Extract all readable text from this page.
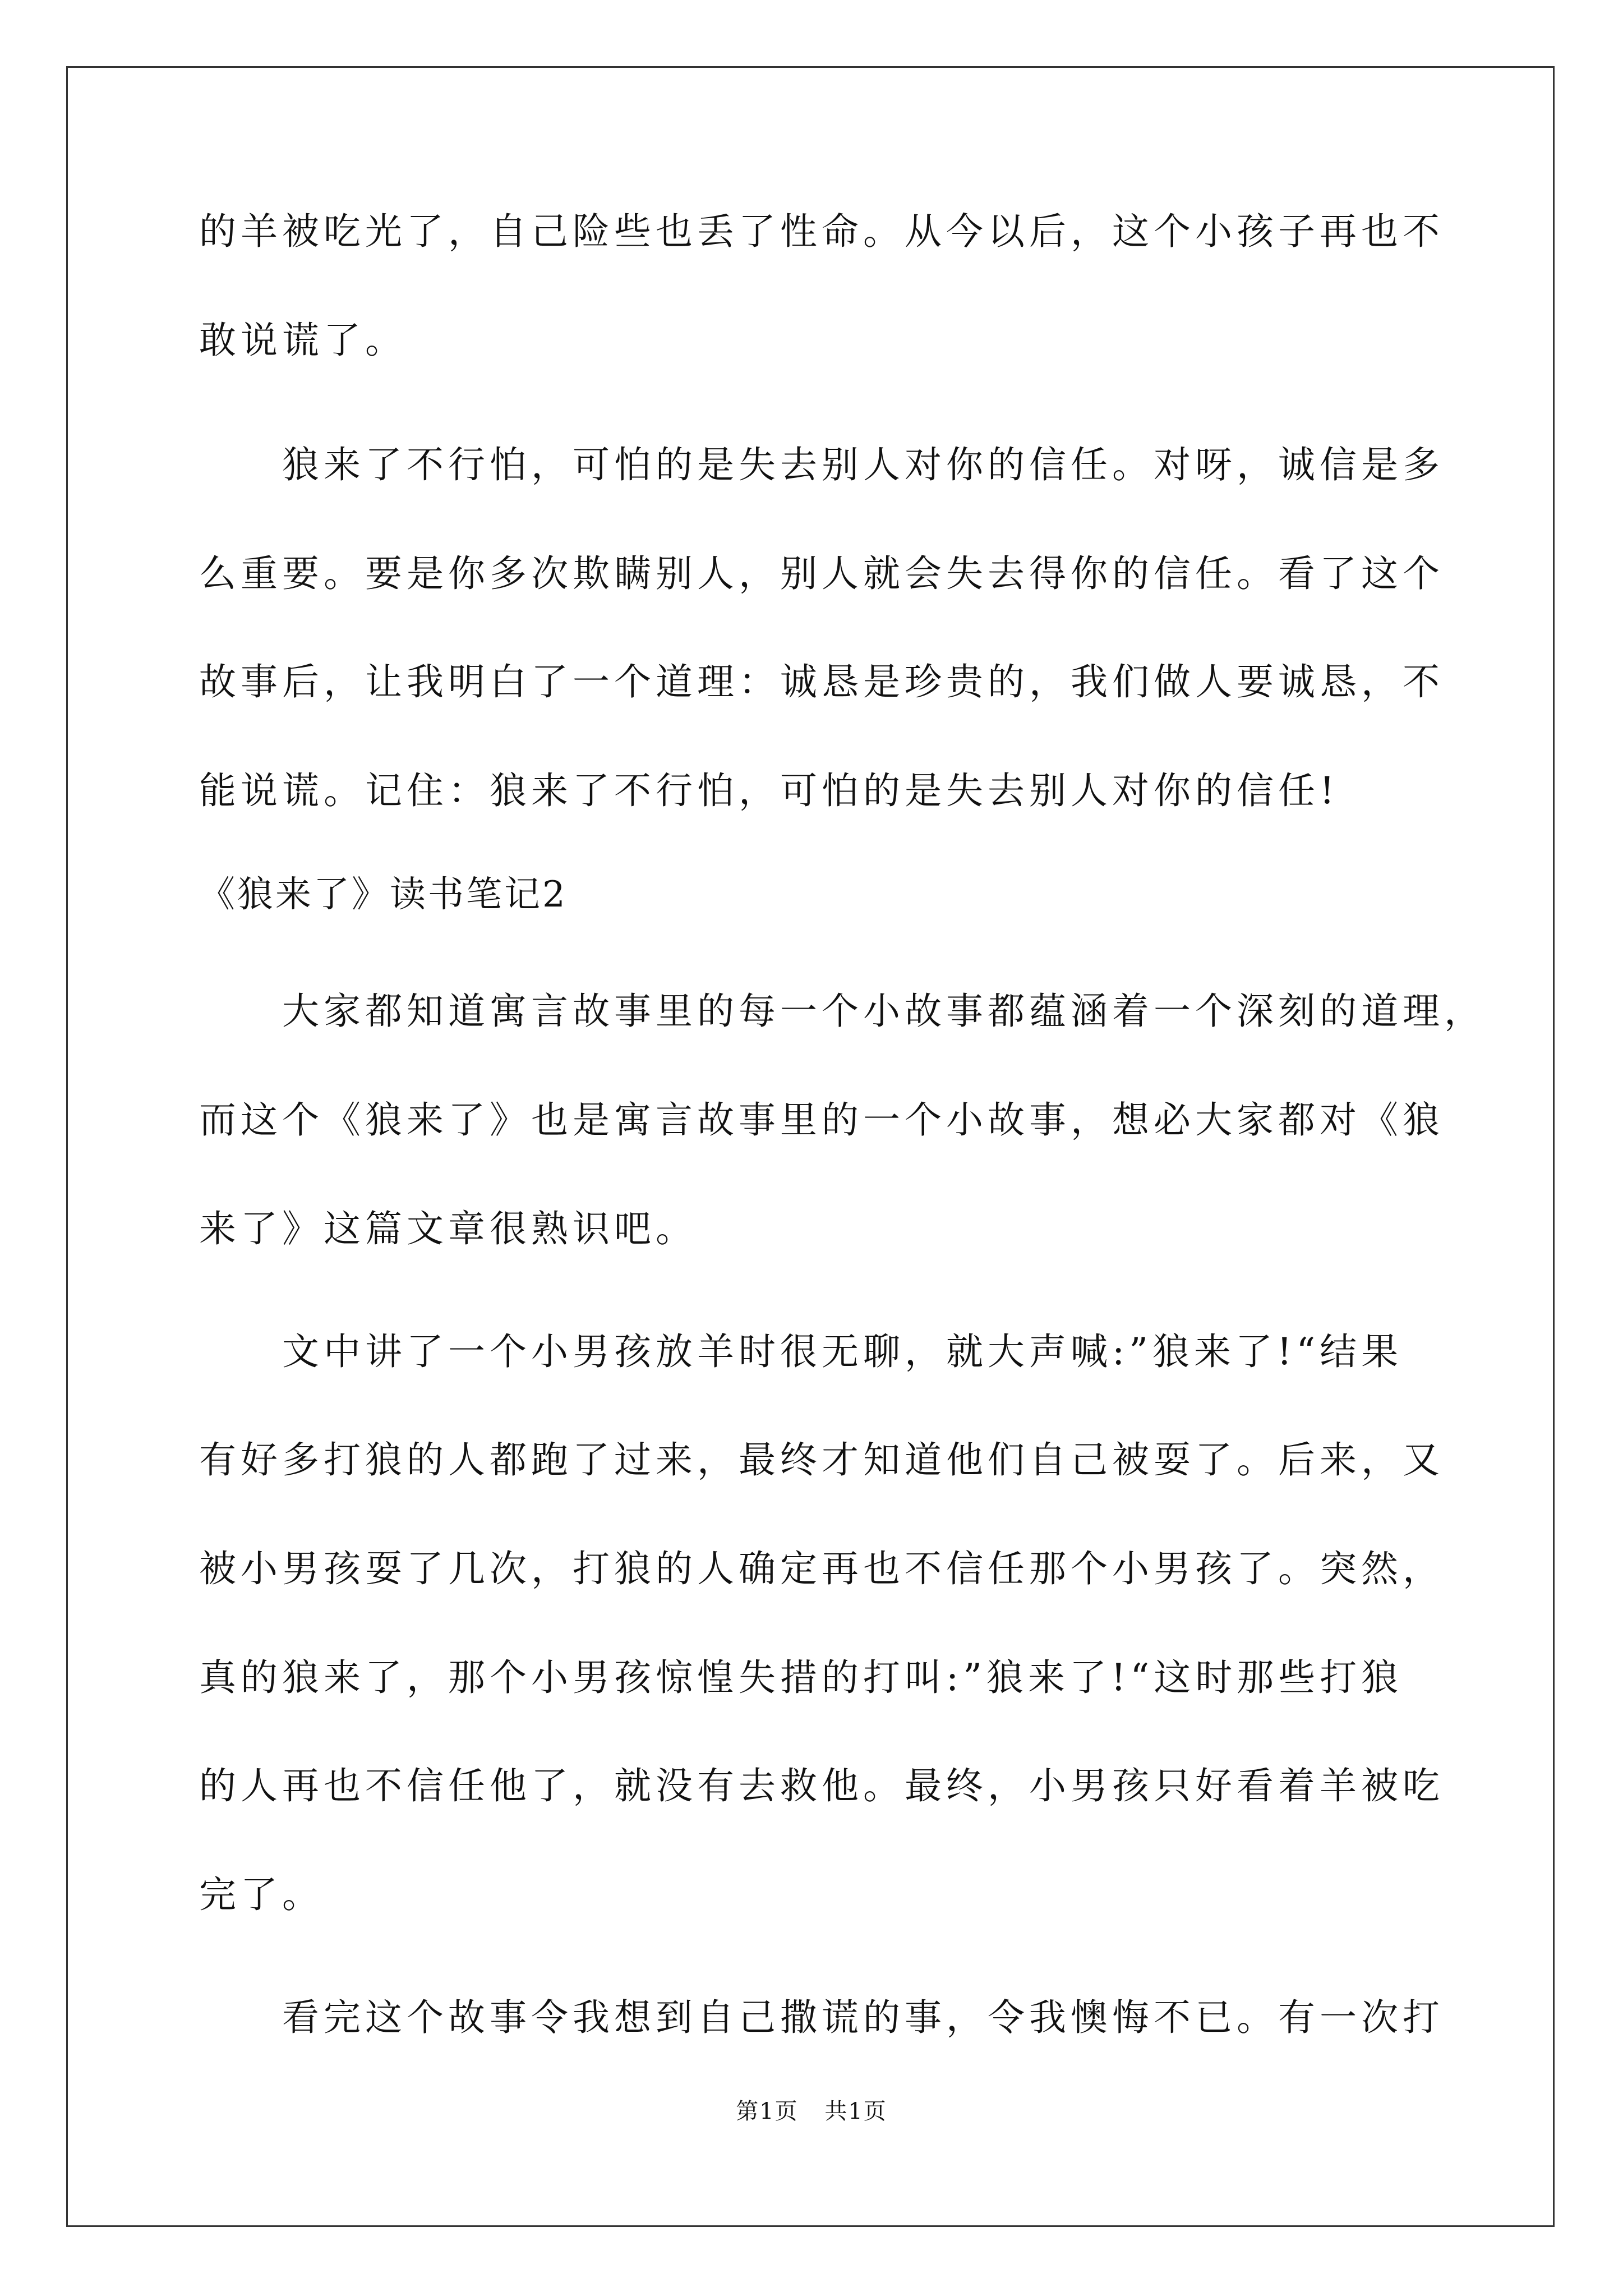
的羊被吃光了，自己险些也丢了性命。从今以后，这个小孩子再也不
敢说谎了。
狼来了不行怕，可怕的是失去别人对你的信任。对呀，诚信是多
么重要。要是你多次欺瞒别人，别人就会失去得你的信任。看了这个
故事后，让我明白了一个道理：诚恳是珍贵的，我们做人要诚恳，不
能说谎。记住：狼来了不行怕，可怕的是失去别人对你的信任!
《狼来了》读书笔记2
大家都知道寓言故事里的每一个小故事都蕴涵着一个深刻的道理，
而这个《狼来了》也是寓言故事里的一个小故事，想必大家都对《狼
来了》这篇文章很熟识吧。
文中讲了一个小男孩放羊时很无聊，就大声喊:”狼来了!“结果
有好多打狼的人都跑了过来，最终才知道他们自己被耍了。后来，又
被小男孩耍了几次，打狼的人确定再也不信任那个小男孩了。突然，
真的狼来了，那个小男孩惊惶失措的打叫:”狼来了!“这时那些打狼
的人再也不信任他了，就没有去救他。最终，小男孩只好看着羊被吃
完了。
看完这个故事令我想到自己撒谎的事，令我懊悔不已。有一次打
第1页 共1页
